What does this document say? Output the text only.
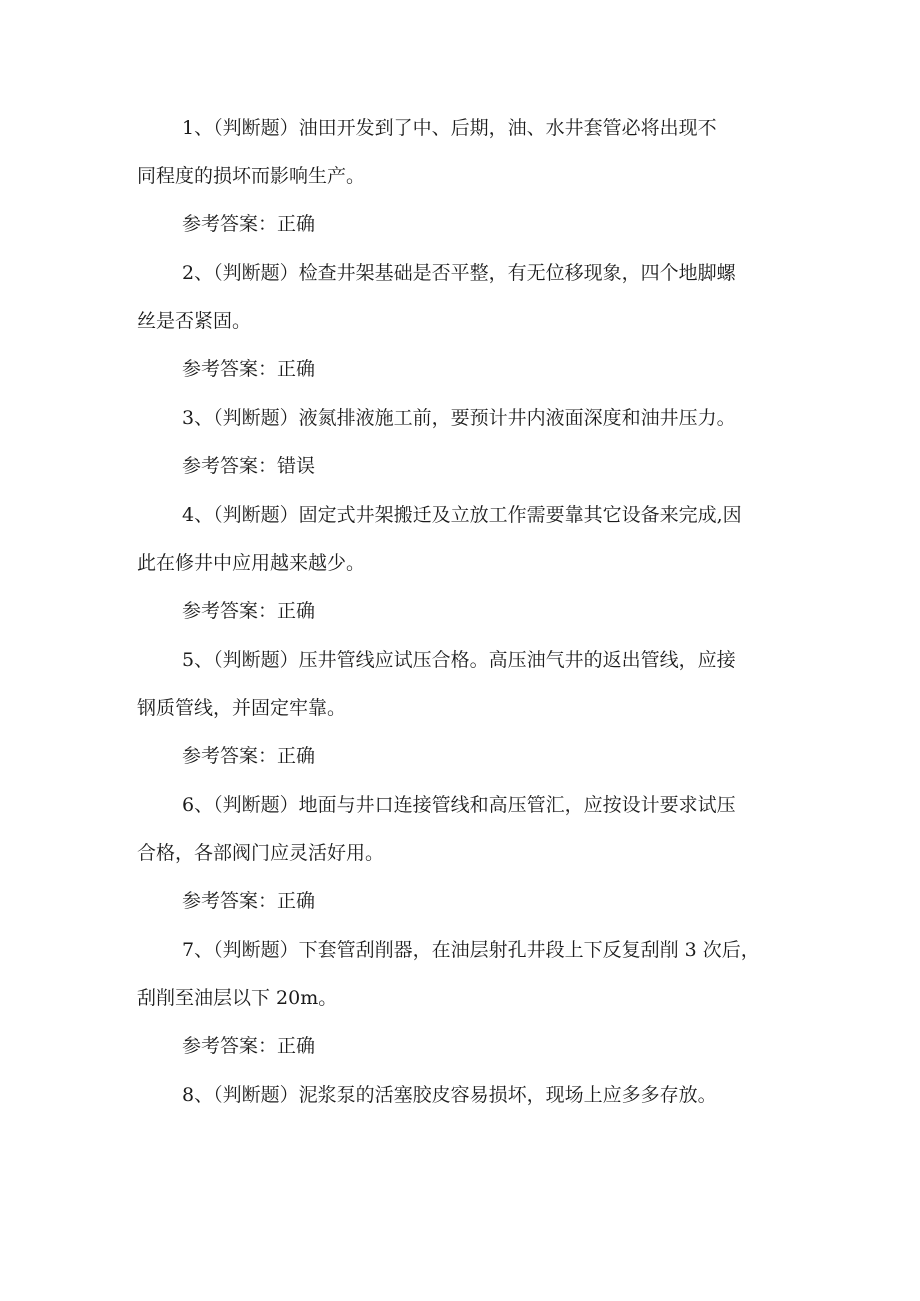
1、（判断题）油田开发到了中、后期，油、水井套管必将出现不
同程度的损坏而影响生产。
参考答案：正确
2、（判断题）检查井架基础是否平整，有无位移现象，四个地脚螺
丝是否紧固。
参考答案：正确
3、（判断题）液氮排液施工前，要预计井内液面深度和油井压力。
参考答案：错误
4、（判断题）固定式井架搬迁及立放工作需要靠其它设备来完成,因
此在修井中应用越来越少。
参考答案：正确
5、（判断题）压井管线应试压合格。高压油气井的返出管线，应接
钢质管线，并固定牢靠。
参考答案：正确
6、（判断题）地面与井口连接管线和高压管汇，应按设计要求试压
合格，各部阀门应灵活好用。
参考答案：正确
7、（判断题）下套管刮削器，在油层射孔井段上下反复刮削 3 次后，
刮削至油层以下 20m。
参考答案：正确
8、（判断题）泥浆泵的活塞胶皮容易损坏，现场上应多多存放。
